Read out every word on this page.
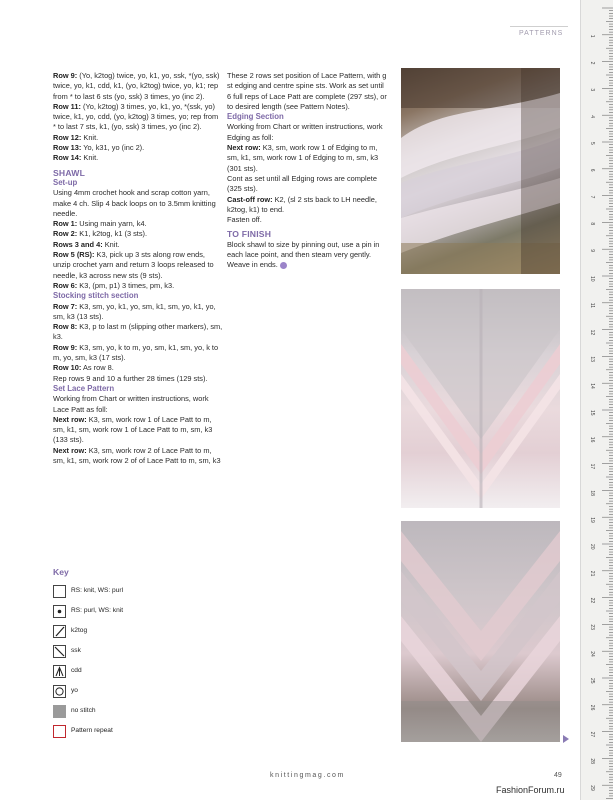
PATTERNS

Row 9: (Yo, k2tog) twice, yo, k1, yo, ssk, *(yo, ssk) twice, yo, k1, cdd, k1, (yo, k2tog) twice, yo, k1; rep from * to last 6 sts (yo, ssk) 3 times, yo (inc 2).

Row 11: (Yo, k2tog) 3 times, yo, k1, yo, *(ssk, yo) twice, k1, yo, cdd, (yo, k2tog) 3 times, yo; rep from * to last 7 sts, k1, (yo, ssk) 3 times, yo (inc 2).

Row 12: Knit.

Row 13: Yo, k31, yo (inc 2).

Row 14: Knit.

SHAWL

Set-up

Using 4mm crochet hook and scrap cotton yarn, make 4 ch. Slip 4 back loops on to 3.5mm knitting needle.

Row 1: Using main yarn, k4.

Row 2: K1, k2tog, k1 (3 sts).

Rows 3 and 4: Knit.

Row 5 (RS): K3, pick up 3 sts along row ends, unzip crochet yarn and return 3 loops released to needle, k3 across new sts (9 sts).

Row 6: K3, (pm, p1) 3 times, pm, k3.

Stocking stitch section

Row 7: K3, sm, yo, k1, yo, sm, k1, sm, yo, k1, yo, sm, k3 (13 sts).

Row 8: K3, p to last m (slipping other markers), sm, k3.

Row 9: K3, sm, yo, k to m, yo, sm, k1, sm, yo, k to m, yo, sm, k3 (17 sts).

Row 10: As row 8.

Rep rows 9 and 10 a further 28 times (129 sts).

Set Lace Pattern

Working from Chart or written instructions, work Lace Patt as foll:

Next row: K3, sm, work row 1 of Lace Patt to m, sm, k1, sm, work row 1 of Lace Patt to m, sm, k3 (133 sts).

Next row: K3, sm, work row 2 of Lace Patt to m, sm, k1, sm, work row 2 of of Lace Patt to m, sm, k3

These 2 rows set position of Lace Pattern, with g st edging and centre spine sts. Work as set until 6 full reps of Lace Patt are complete (297 sts), or to desired length (see Pattern Notes).

Edging Section

Working from Chart or written instructions, work Edging as foll:

Next row: K3, sm, work row 1 of Edging to m, sm, k1, sm, work row 1 of Edging to m, sm, k3 (301 sts).

Cont as set until all Edging rows are complete (325 sts).

Cast-off row: K2, (sl 2 sts back to LH needle, k2tog, k1) to end.

Fasten off.

TO FINISH

Block shawl to size by pinning out, use a pin in each lace point, and then steam very gently.

Weave in ends.

Key
RS: knit, WS: purl
RS: purl, WS: knit
k2tog
ssk
cdd
yo
no stitch
Pattern repeat
knittingmag.com	49
FashionForum.ru
1
2
3
4
5
6
7
8
9
10
11
12
13
14
15
16
17
18
19
20
21
22
23
24
25
26
27
28
29
